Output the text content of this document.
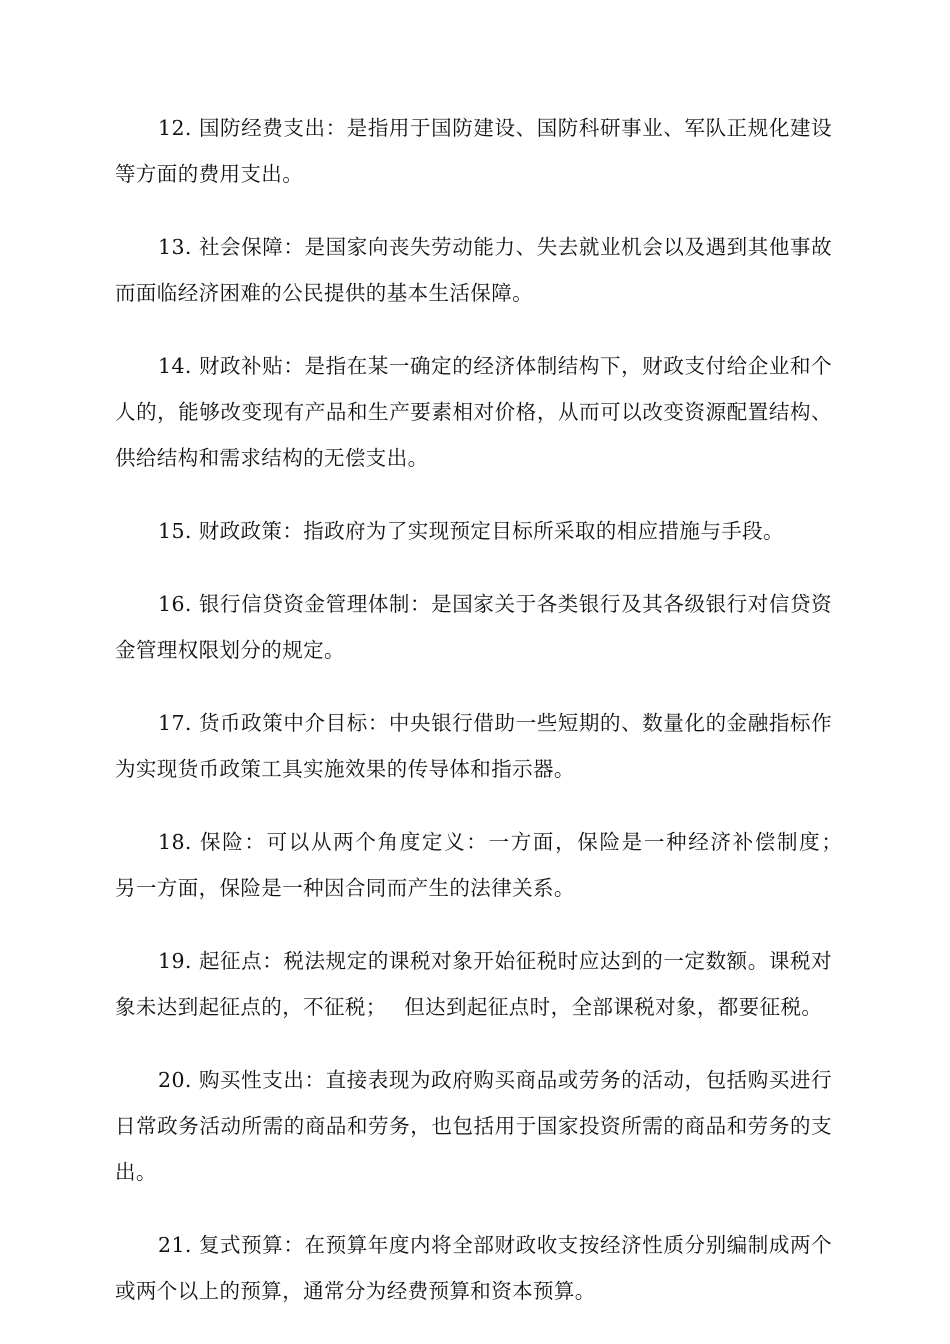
12. 国防经费支出：是指用于国防建设、国防科研事业、军队正规化建设等方面的费用支出。

13. 社会保障：是国家向丧失劳动能力、失去就业机会以及遇到其他事故而面临经济困难的公民提供的基本生活保障。

14. 财政补贴：是指在某一确定的经济体制结构下，财政支付给企业和个人的，能够改变现有产品和生产要素相对价格，从而可以改变资源配置结构、供给结构和需求结构的无偿支出。

15. 财政政策：指政府为了实现预定目标所采取的相应措施与手段。

16. 银行信贷资金管理体制：是国家关于各类银行及其各级银行对信贷资金管理权限划分的规定。

17. 货币政策中介目标：中央银行借助一些短期的、数量化的金融指标作为实现货币政策工具实施效果的传导体和指示器。

18. 保险：可以从两个角度定义：一方面，保险是一种经济补偿制度；　 另一方面，保险是一种因合同而产生的法律关系。

19. 起征点：税法规定的课税对象开始征税时应达到的一定数额。课税对象未达到起征点的，不征税；　 但达到起征点时，全部课税对象，都要征税。

20. 购买性支出：直接表现为政府购买商品或劳务的活动，包括购买进行日常政务活动所需的商品和劳务，也包括用于国家投资所需的商品和劳务的支出。

21. 复式预算：在预算年度内将全部财政收支按经济性质分别编制成两个或两个以上的预算，通常分为经费预算和资本预算。
